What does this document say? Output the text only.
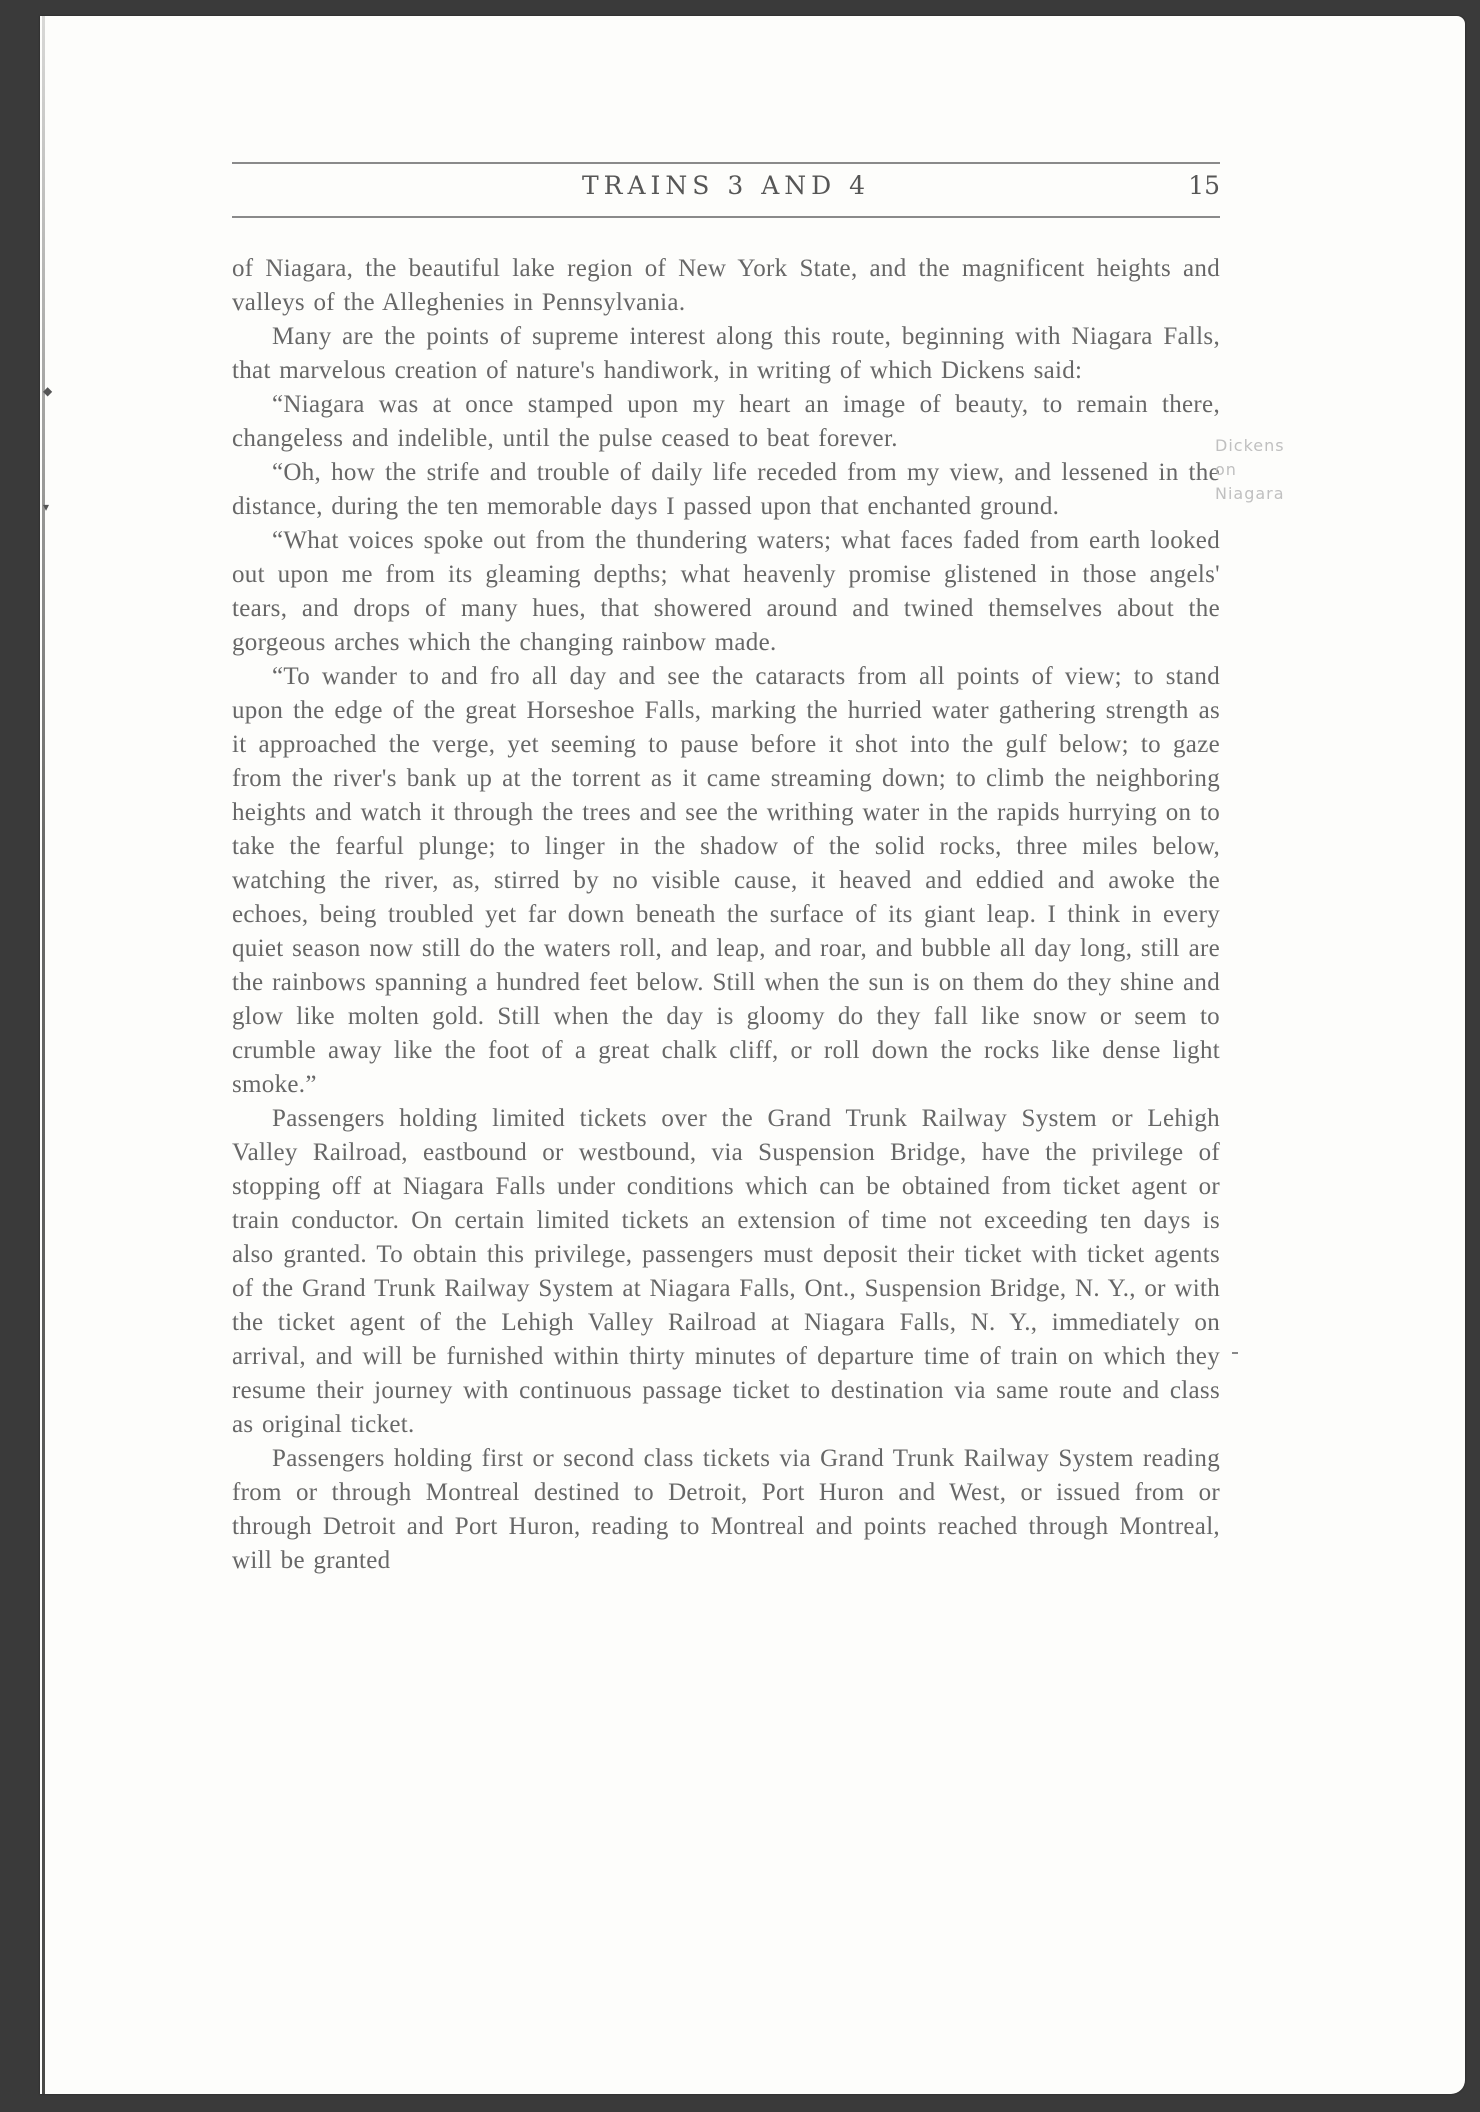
◆
▾
TRAINS 3 AND 4	15

of Niagara, the beautiful lake region of New York State, and the magnificent heights and valleys of the Alleghenies in Pennsylvania.

Many are the points of supreme interest along this route, beginning with Niagara Falls, that marvelous creation of nature's handiwork, in writing of which Dickens said:

“Niagara was at once stamped upon my heart an image of beauty, to remain there, changeless and indelible, until the pulse ceased to beat forever.

“Oh, how the strife and trouble of daily life receded from my view, and lessened in the distance, during the ten memorable days I passed upon that enchanted ground.

“What voices spoke out from the thundering waters; what faces faded from earth looked out upon me from its gleaming depths; what heavenly promise glistened in those angels' tears, and drops of many hues, that showered around and twined themselves about the gorgeous arches which the changing rainbow made.

“To wander to and fro all day and see the cataracts from all points of view; to stand upon the edge of the great Horseshoe Falls, marking the hurried water gathering strength as it approached the verge, yet seeming to pause before it shot into the gulf below; to gaze from the river's bank up at the torrent as it came streaming down; to climb the neighboring heights and watch it through the trees and see the writhing water in the rapids hurrying on to take the fearful plunge; to linger in the shadow of the solid rocks, three miles below, watching the river, as, stirred by no visible cause, it heaved and eddied and awoke the echoes, being troubled yet far down beneath the surface of its giant leap. I think in every quiet season now still do the waters roll, and leap, and roar, and bubble all day long, still are the rainbows spanning a hundred feet below. Still when the sun is on them do they shine and glow like molten gold. Still when the day is gloomy do they fall like snow or seem to crumble away like the foot of a great chalk cliff, or roll down the rocks like dense light smoke.”

Passengers holding limited tickets over the Grand Trunk Railway System or Lehigh Valley Railroad, eastbound or westbound, via Suspension Bridge, have the privilege of stopping off at Niagara Falls under conditions which can be obtained from ticket agent or train conductor. On certain limited tickets an extension of time not exceeding ten days is also granted. To obtain this privilege, passengers must deposit their ticket with ticket agents of the Grand Trunk Railway System at Niagara Falls, Ont., Suspension Bridge, N. Y., or with the ticket agent of the Lehigh Valley Railroad at Niagara Falls, N. Y., immediately on arrival, and will be furnished within thirty minutes of departure time of train on which they resume their journey with continuous passage ticket to destination via same route and class as original ticket.

Passengers holding first or second class tickets via Grand Trunk Railway System reading from or through Montreal destined to Detroit, Port Huron and West, or issued from or through Detroit and Port Huron, reading to Montreal and points reached through Montreal, will be granted

Dickens
on
Niagara
